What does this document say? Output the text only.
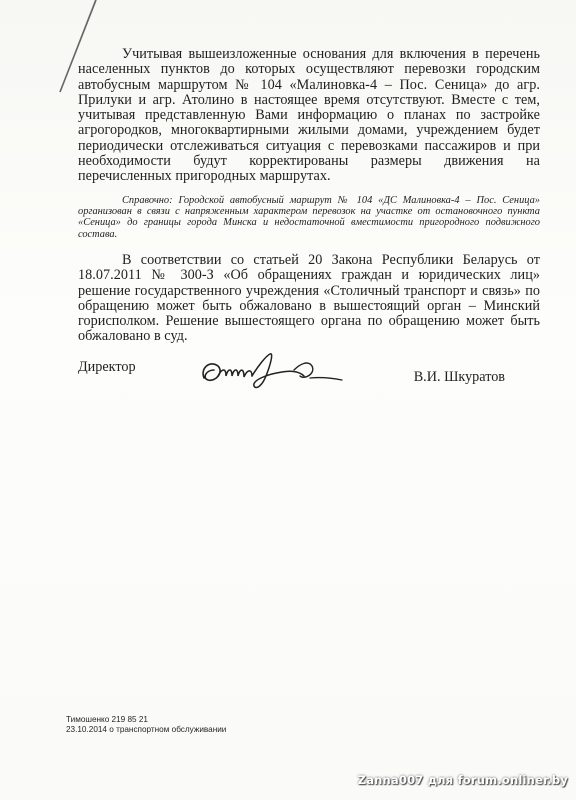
Учитывая вышеизложенные основания для включения в перечень населенных пунктов до которых осуществляют перевозки городским автобусным маршрутом № 104 «Малиновка-4 – Пос. Сеница» до агр. Прилуки и агр. Атолино в настоящее время отсутствуют. Вместе с тем, учитывая представленную Вами информацию о планах по застройке агрогородков, многоквартирными жилыми домами, учреждением будет периодически отслеживаться ситуация с перевозками пассажиров и при необходимости будут корректированы размеры движения на перечисленных пригородных маршрутах.
Справочно: Городской автобусный маршрут № 104 «ДС Малиновка-4 – Пос. Сеница» организован в связи с напряженным характером перевозок на участке от остановочного пункта «Сеница» до границы города Минска и недостаточной вместимости пригородного подвижного состава.
В соответствии со статьей 20 Закона Республики Беларусь от 18.07.2011 № 300-З «Об обращениях граждан и юридических лиц» решение государственного учреждения «Столичный транспорт и связь» по обращению может быть обжаловано в вышестоящий орган – Минский горисполком. Решение вышестоящего органа по обращению может быть обжаловано в суд.
Директор
В.И. Шкуратов
Тимошенко 219 85 21
23.10.2014 о транспортном обслуживании
Zanna007 для forum.onliner.by
